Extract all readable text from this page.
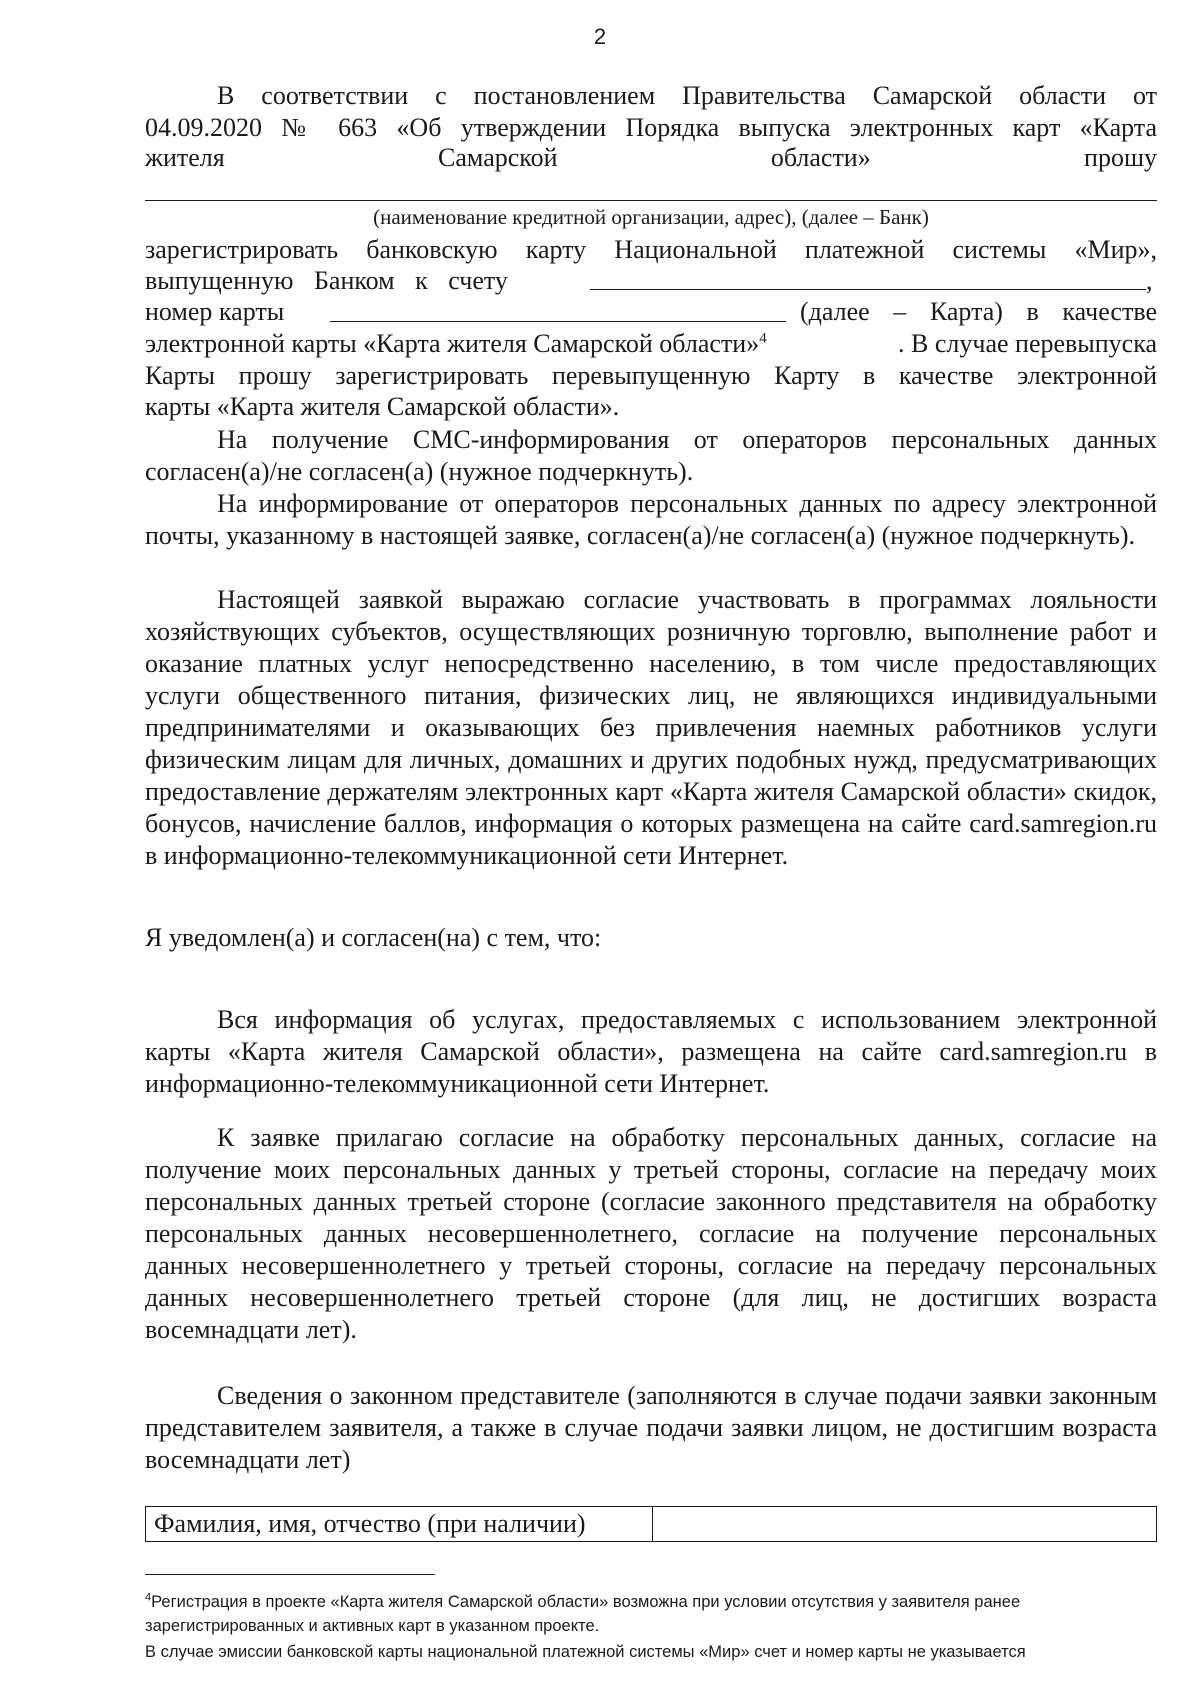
2
В соответствии с постановлением Правительства Самарской области от
04.09.2020 № 663 «Об утверждении Порядка выпуска электронных карт «Карта
жителя	Самарской	области»	прошу
(наименование кредитной организации, адрес), (далее – Банк)
зарегистрировать банковскую карту Национальной платежной системы «Мир»,
выпущенную Банком к счету	,
номер карты	(далее – Карта) в качестве
электронной карты «Карта жителя Самарской области»$^4$	. В случае перевыпуска
Карты прошу зарегистрировать перевыпущенную Карту в качестве электронной
карты «Карта жителя Самарской области».

На получение СМС-информирования от операторов персональных данных согласен(а)/не согласен(а) (нужное подчеркнуть).

На информирование от операторов персональных данных по адресу электронной почты, указанному в настоящей заявке, согласен(а)/не согласен(а) (нужное подчеркнуть).

Настоящей заявкой выражаю согласие участвовать в программах лояльности хозяйствующих субъектов, осуществляющих розничную торговлю, выполнение работ и оказание платных услуг непосредственно населению, в том числе предоставляющих услуги общественного питания, физических лиц, не являющихся индивидуальными предпринимателями и оказывающих без привлечения наемных работников услуги физическим лицам для личных, домашних и других подобных нужд, предусматривающих предоставление держателям электронных карт «Карта жителя Самарской области» скидок, бонусов, начисление баллов, информация о которых размещена на сайте card.samregion.ru в информационно-телекоммуникационной сети Интернет.

Я уведомлен(а) и согласен(на) с тем, что:

Вся информация об услугах, предоставляемых с использованием электронной карты «Карта жителя Самарской области», размещена на сайте card.samregion.ru в информационно-телекоммуникационной сети Интернет.

К заявке прилагаю согласие на обработку персональных данных, согласие на получение моих персональных данных у третьей стороны, согласие на передачу моих персональных данных третьей стороне (согласие законного представителя на обработку персональных данных несовершеннолетнего, согласие на получение персональных данных несовершеннолетнего у третьей стороны, согласие на передачу персональных данных несовершеннолетнего третьей стороне (для лиц, не достигших возраста восемнадцати лет).

Сведения о законном представителе (заполняются в случае подачи заявки законным представителем заявителя, а также в случае подачи заявки лицом, не достигшим возраста восемнадцати лет)

Фамилия, имя, отчество (при наличии)	
$^4$Регистрация в проекте «Карта жителя Самарской области» возможна при условии отсутствия у заявителя ранее зарегистрированных и активных карт в указанном проекте.
В случае эмиссии банковской карты национальной платежной системы «Мир» счет и номер карты не указывается
